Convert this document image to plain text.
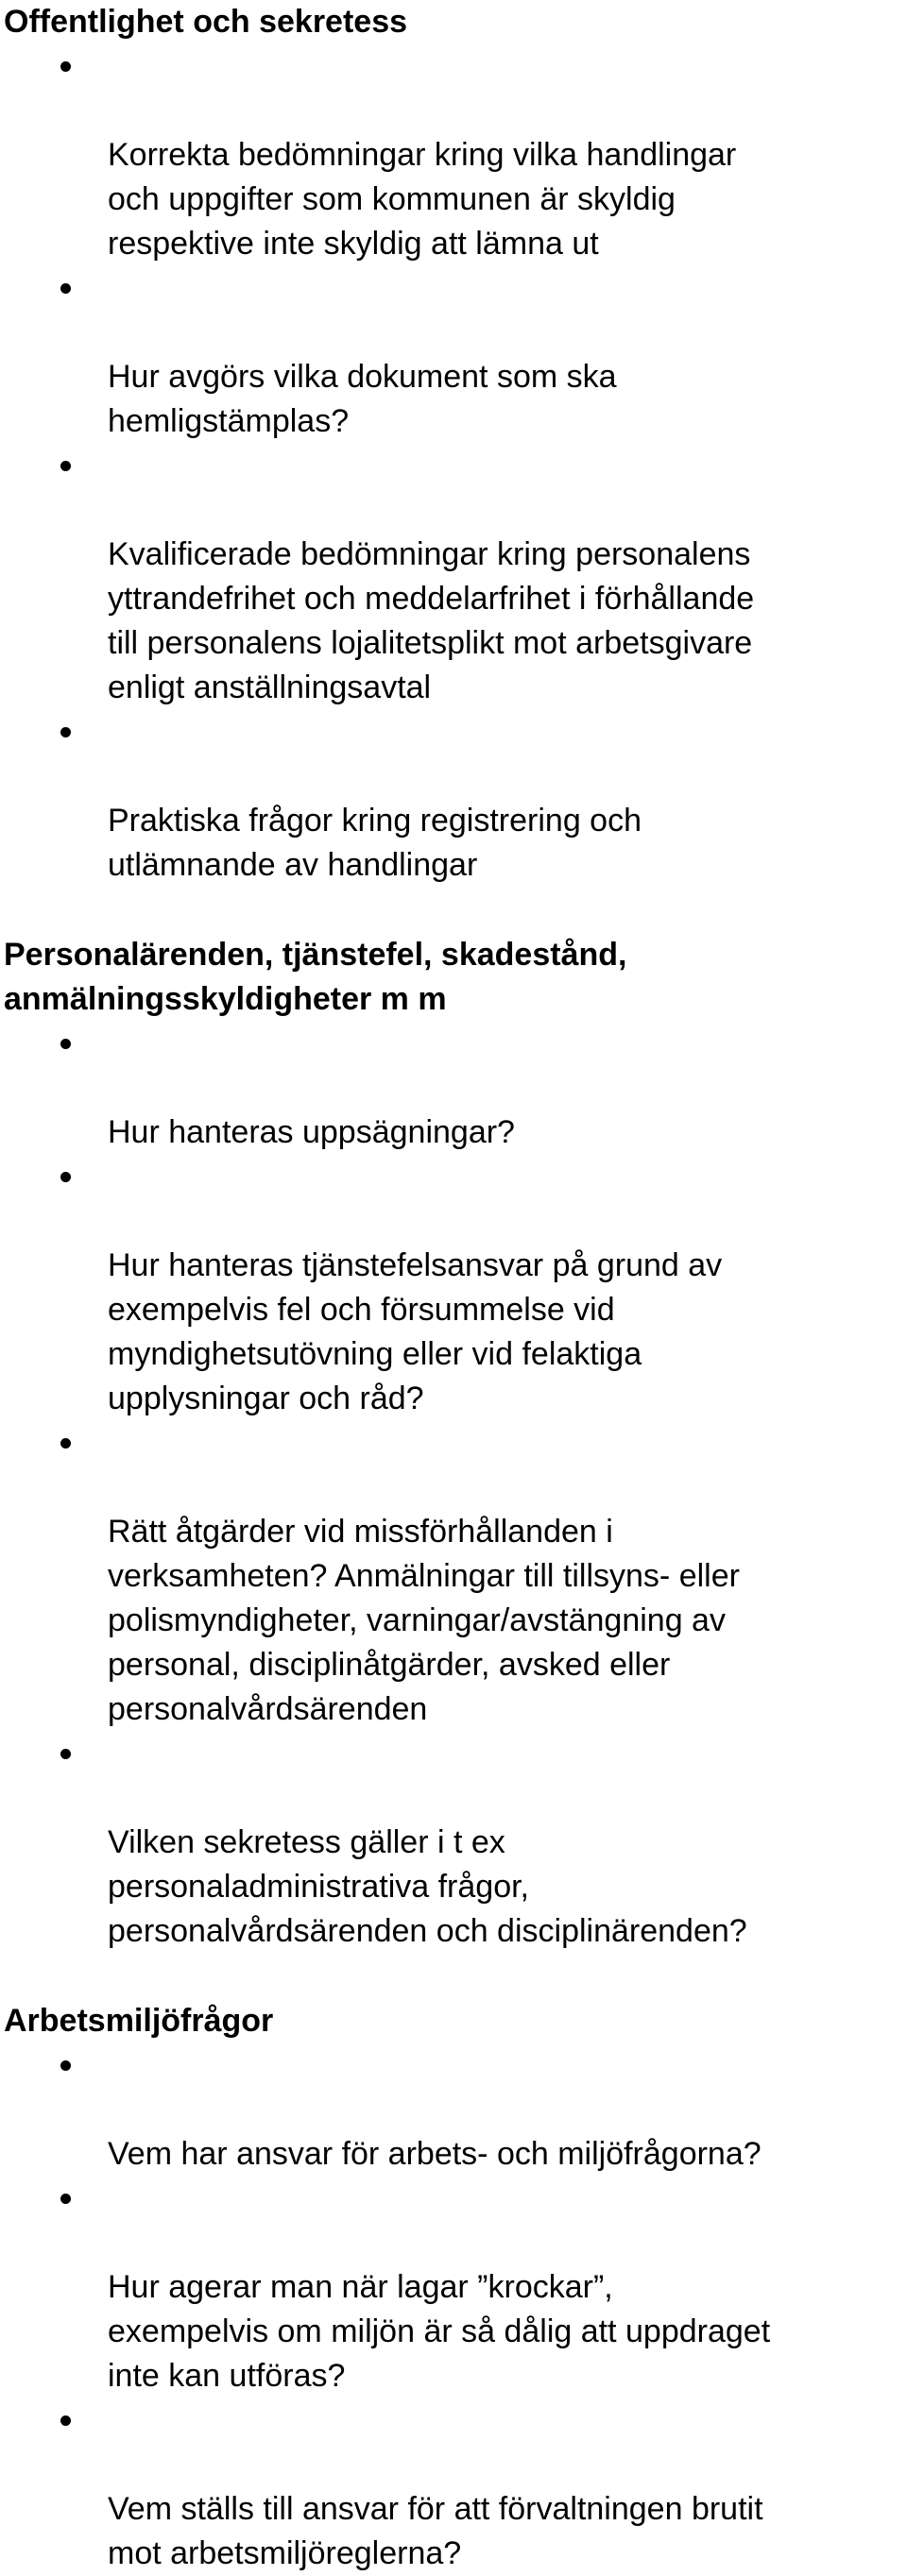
Offentlighet och sekretess

Korrekta bedömningar kring vilka handlingar
och uppgifter som kommunen är skyldig
respektive inte skyldig att lämna ut

Hur avgörs vilka dokument som ska
hemligstämplas?

Kvalificerade bedömningar kring personalens
yttrandefrihet och meddelarfrihet i förhållande
till personalens lojalitetsplikt mot arbetsgivare
enligt anställningsavtal

Praktiska frågor kring registrering och
utlämnande av handlingar

Personalärenden, tjänstefel, skadestånd,
anmälningsskyldigheter m m

Hur hanteras uppsägningar?

Hur hanteras tjänstefelsansvar på grund av
exempelvis fel och försummelse vid
myndighetsutövning eller vid felaktiga
upplysningar och råd?

Rätt åtgärder vid missförhållanden i
verksamheten? Anmälningar till tillsyns- eller
polismyndigheter, varningar/avstängning av
personal, disciplinåtgärder, avsked eller
personalvårdsärenden

Vilken sekretess gäller i t ex
personaladministrativa frågor,
personalvårdsärenden och disciplinärenden?

Arbetsmiljöfrågor

Vem har ansvar för arbets- och miljöfrågorna?

Hur agerar man när lagar ”krockar”,
exempelvis om miljön är så dålig att uppdraget
inte kan utföras?

Vem ställs till ansvar för att förvaltningen brutit
mot arbetsmiljöreglerna?
